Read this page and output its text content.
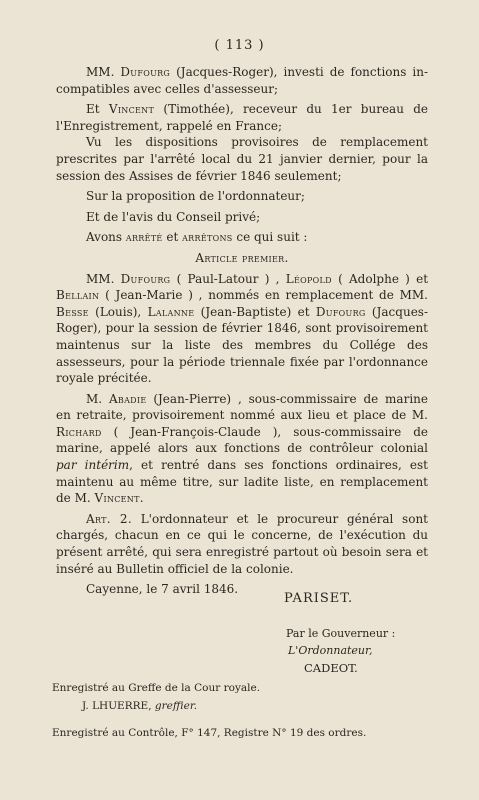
( 113 )

MM. Dufourg (Jacques-Roger), investi de fonctions in-compatibles avec celles d'assesseur;

Et Vincent (Timothée), receveur du 1er bureau de l'Enregistrement, rappelé en France;

Vu les dispositions provisoires de remplacement prescrites par l'arrêté local du 21 janvier dernier, pour la session des Assises de février 1846 seulement;

Sur la proposition de l'ordonnateur;

Et de l'avis du Conseil privé;

Avons arrêté et arrêtons ce qui suit :

Article premier.

MM. Dufourg ( Paul-Latour ) , Léopold ( Adolphe ) et Bellain ( Jean-Marie ) , nommés en remplacement de MM. Besse (Louis), Lalanne (Jean-Baptiste) et Dufourg (Jacques-Roger), pour la session de février 1846, sont provisoirement maintenus sur la liste des membres du Collége des assesseurs, pour la période triennale fixée par l'ordonnance royale précitée.

M. Abadie (Jean-Pierre) , sous-commissaire de marine en retraite, provisoirement nommé aux lieu et place de M. Richard ( Jean-François-Claude ), sous-commissaire de marine, appelé alors aux fonctions de contrôleur colonial par intérim, et rentré dans ses fonctions ordinaires, est maintenu au même titre, sur ladite liste, en remplacement de M. Vincent.

Art. 2. L'ordonnateur et le procureur général sont chargés, chacun en ce qui le concerne, de l'exécution du présent arrêté, qui sera enregistré partout où besoin sera et inséré au Bulletin officiel de la colonie.

Cayenne, le 7 avril 1846.

PARISET.
Par le Gouverneur :
L'Ordonnateur,
CADEOT.
Enregistré au Greffe de la Cour royale.
J. LHUERRE, greffier.
Enregistré au Contrôle, F° 147, Registre N° 19 des ordres.
